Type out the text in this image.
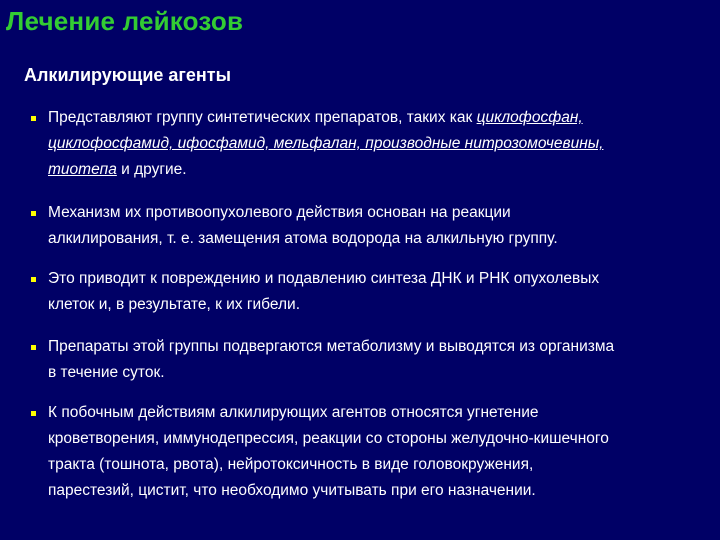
Лечение лейкозов
Алкилирующие агенты

Представляют группу синтетических препаратов, таких как циклофосфан,
циклофосфамид, ифосфамид, мельфалан, производные нитрозомочевины,
тиотепа и другие.

Механизм их противоопухолевого действия основан на реакции
алкилирования, т. е. замещения атома водорода на алкильную группу.

Это приводит к повреждению и подавлению синтеза ДНК и РНК опухолевых
клеток и, в результате, к их гибели.

Препараты этой группы подвергаются метаболизму и выводятся из организма
в течение суток.

К побочным действиям алкилирующих агентов относятся угнетение
кроветворения, иммунодепрессия, реакции со стороны желудочно-кишечного
тракта (тошнота, рвота), нейротоксичность в виде головокружения,
парестезий, цистит, что необходимо учитывать при его назначении.
